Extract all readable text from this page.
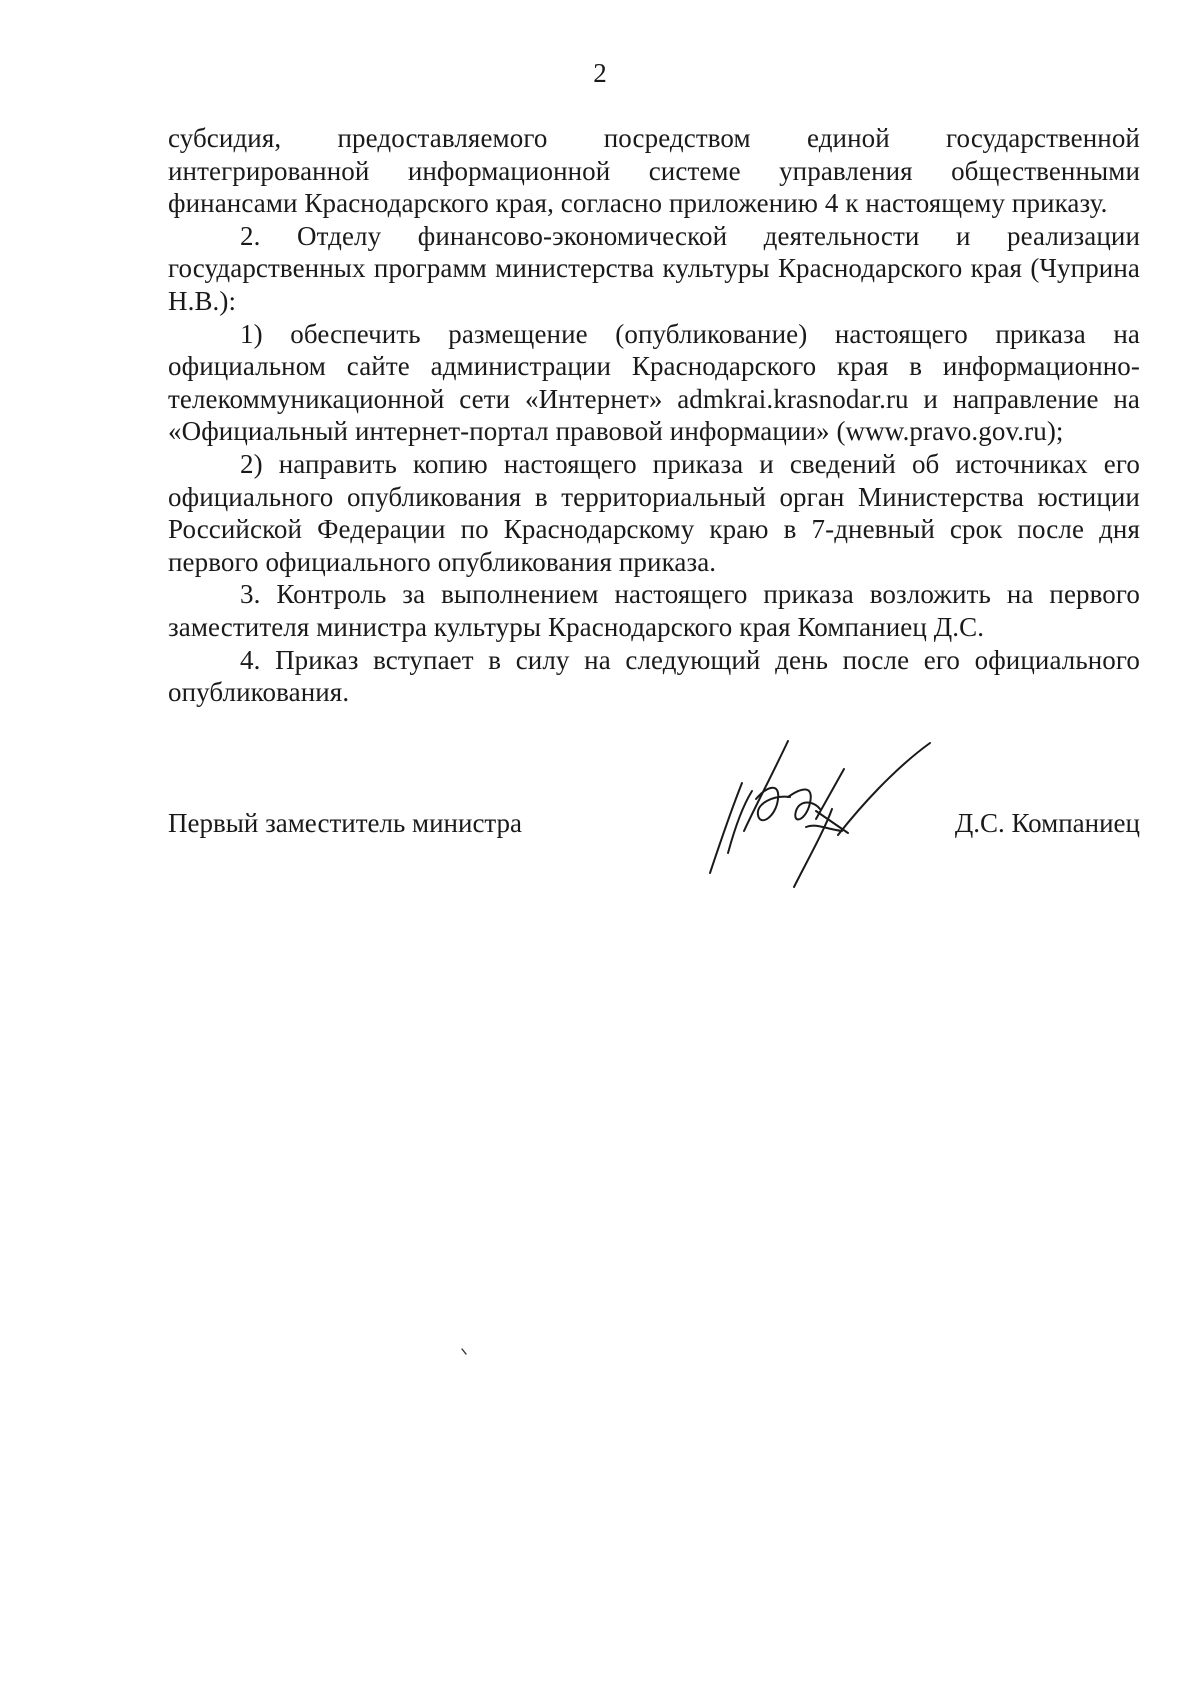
2

субсидия, предоставляемого посредством единой государственной интегрированной информационной системе управления общественными финансами Краснодарского края, согласно приложению 4 к настоящему приказу.

2. Отделу финансово-экономической деятельности и реализации государственных программ министерства культуры Краснодарского края (Чуприна Н.В.):

1) обеспечить размещение (опубликование) настоящего приказа на официальном сайте администрации Краснодарского края в информационно-телекоммуникационной сети «Интернет» admkrai.krasnodar.ru и направление на «Официальный интернет-портал правовой информации» (www.pravo.gov.ru);

2) направить копию настоящего приказа и сведений об источниках его официального опубликования в территориальный орган Министерства юстиции Российской Федерации по Краснодарскому краю в 7-дневный срок после дня первого официального опубликования приказа.

3. Контроль за выполнением настоящего приказа возложить на первого заместителя министра культуры Краснодарского края Компаниец Д.С.

4. Приказ вступает в силу на следующий день после его официального опубликования.

Первый заместитель министра	Д.С. Компаниец
